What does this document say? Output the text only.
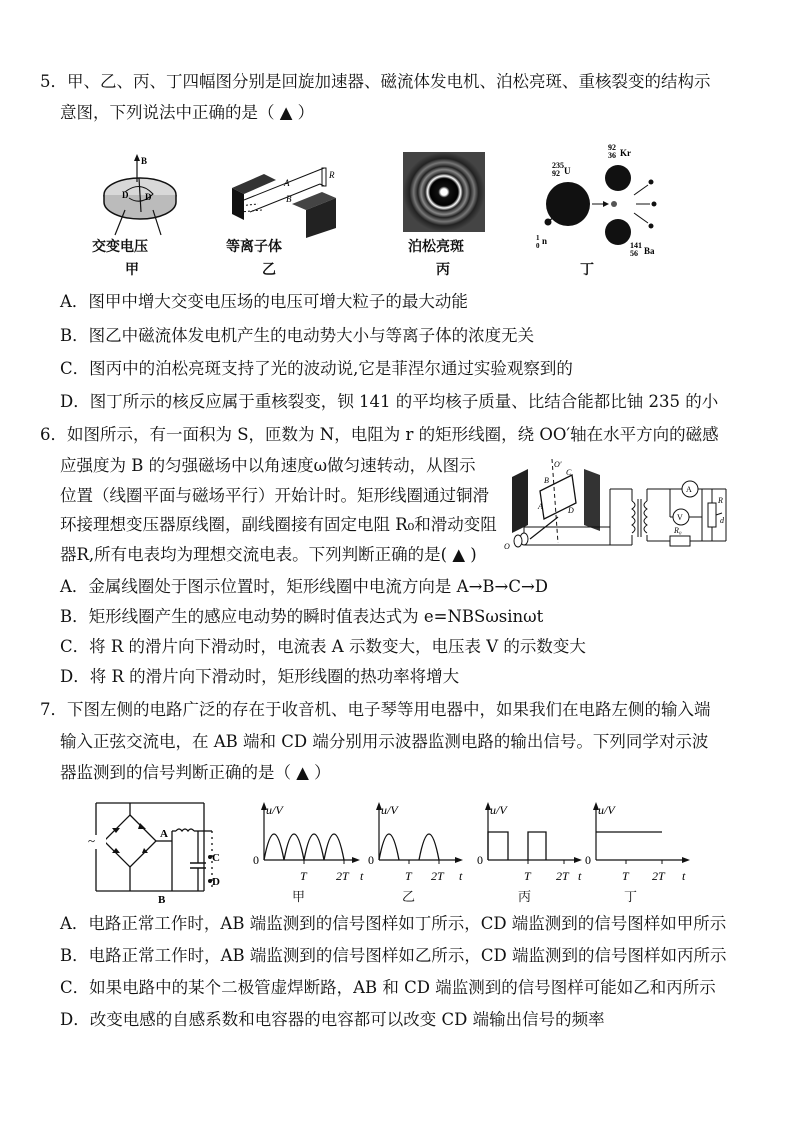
5．甲、乙、丙、丁四幅图分别是回旋加速器、磁流体发电机、泊松亮斑、重核裂变的结构示
意图，下列说法中正确的是（ ▲ ）
B
D D
交变电压
甲
A
B
R
等离子体
乙
泊松亮斑
丙
235
92 U
92
36 Kr
141
56 Ba
n
1
0
丁
A．图甲中增大交变电压场的电压可增大粒子的最大动能
B．图乙中磁流体发电机产生的电动势大小与等离子体的浓度无关
C．图丙中的泊松亮斑支持了光的波动说,它是菲涅尔通过实验观察到的
D．图丁所示的核反应属于重核裂变，钡 141 的平均核子质量、比结合能都比铀 235 的小
6．如图所示，有一面积为 S，匝数为 N，电阻为 r 的矩形线圈，绕 OO′轴在水平方向的磁感
应强度为 B 的匀强磁场中以角速度ω做匀速转动，从图示
位置（线圈平面与磁场平行）开始计时。矩形线圈通过铜滑
环接理想变压器原线圈，副线圈接有固定电阻 R₀和滑动变阻
器R,所有电表均为理想交流电表。下列判断正确的是( ▲ )
O′
B
C
A	D
A
V
R
d
R₀
O
A．金属线圈处于图示位置时，矩形线圈中电流方向是 A→B→C→D
B．矩形线圈产生的感应电动势的瞬时值表达式为 e=NBSωsinωt
C．将 R 的滑片向下滑动时，电流表 A 示数变大，电压表 V 的示数变大
D．将 R 的滑片向下滑动时，矩形线圈的热功率将增大
7．下图左侧的电路广泛的存在于收音机、电子琴等用电器中，如果我们在电路左侧的输入端
输入正弦交流电，在 AB 端和 CD 端分别用示波器监测电路的输出信号。下列同学对示波
器监测到的信号判断正确的是（ ▲ ）
~	A
B
C
D
u/V
0
T 2T t
甲
u/V
0
T 2T t
乙
u/V
0
T 2T t
丙
u/V
0
T 2T t
丁
A．电路正常工作时，AB 端监测到的信号图样如丁所示，CD 端监测到的信号图样如甲所示
B．电路正常工作时，AB 端监测到的信号图样如乙所示，CD 端监测到的信号图样如丙所示
C．如果电路中的某个二极管虚焊断路，AB 和 CD 端监测到的信号图样可能如乙和丙所示
D．改变电感的自感系数和电容器的电容都可以改变 CD 端输出信号的频率
